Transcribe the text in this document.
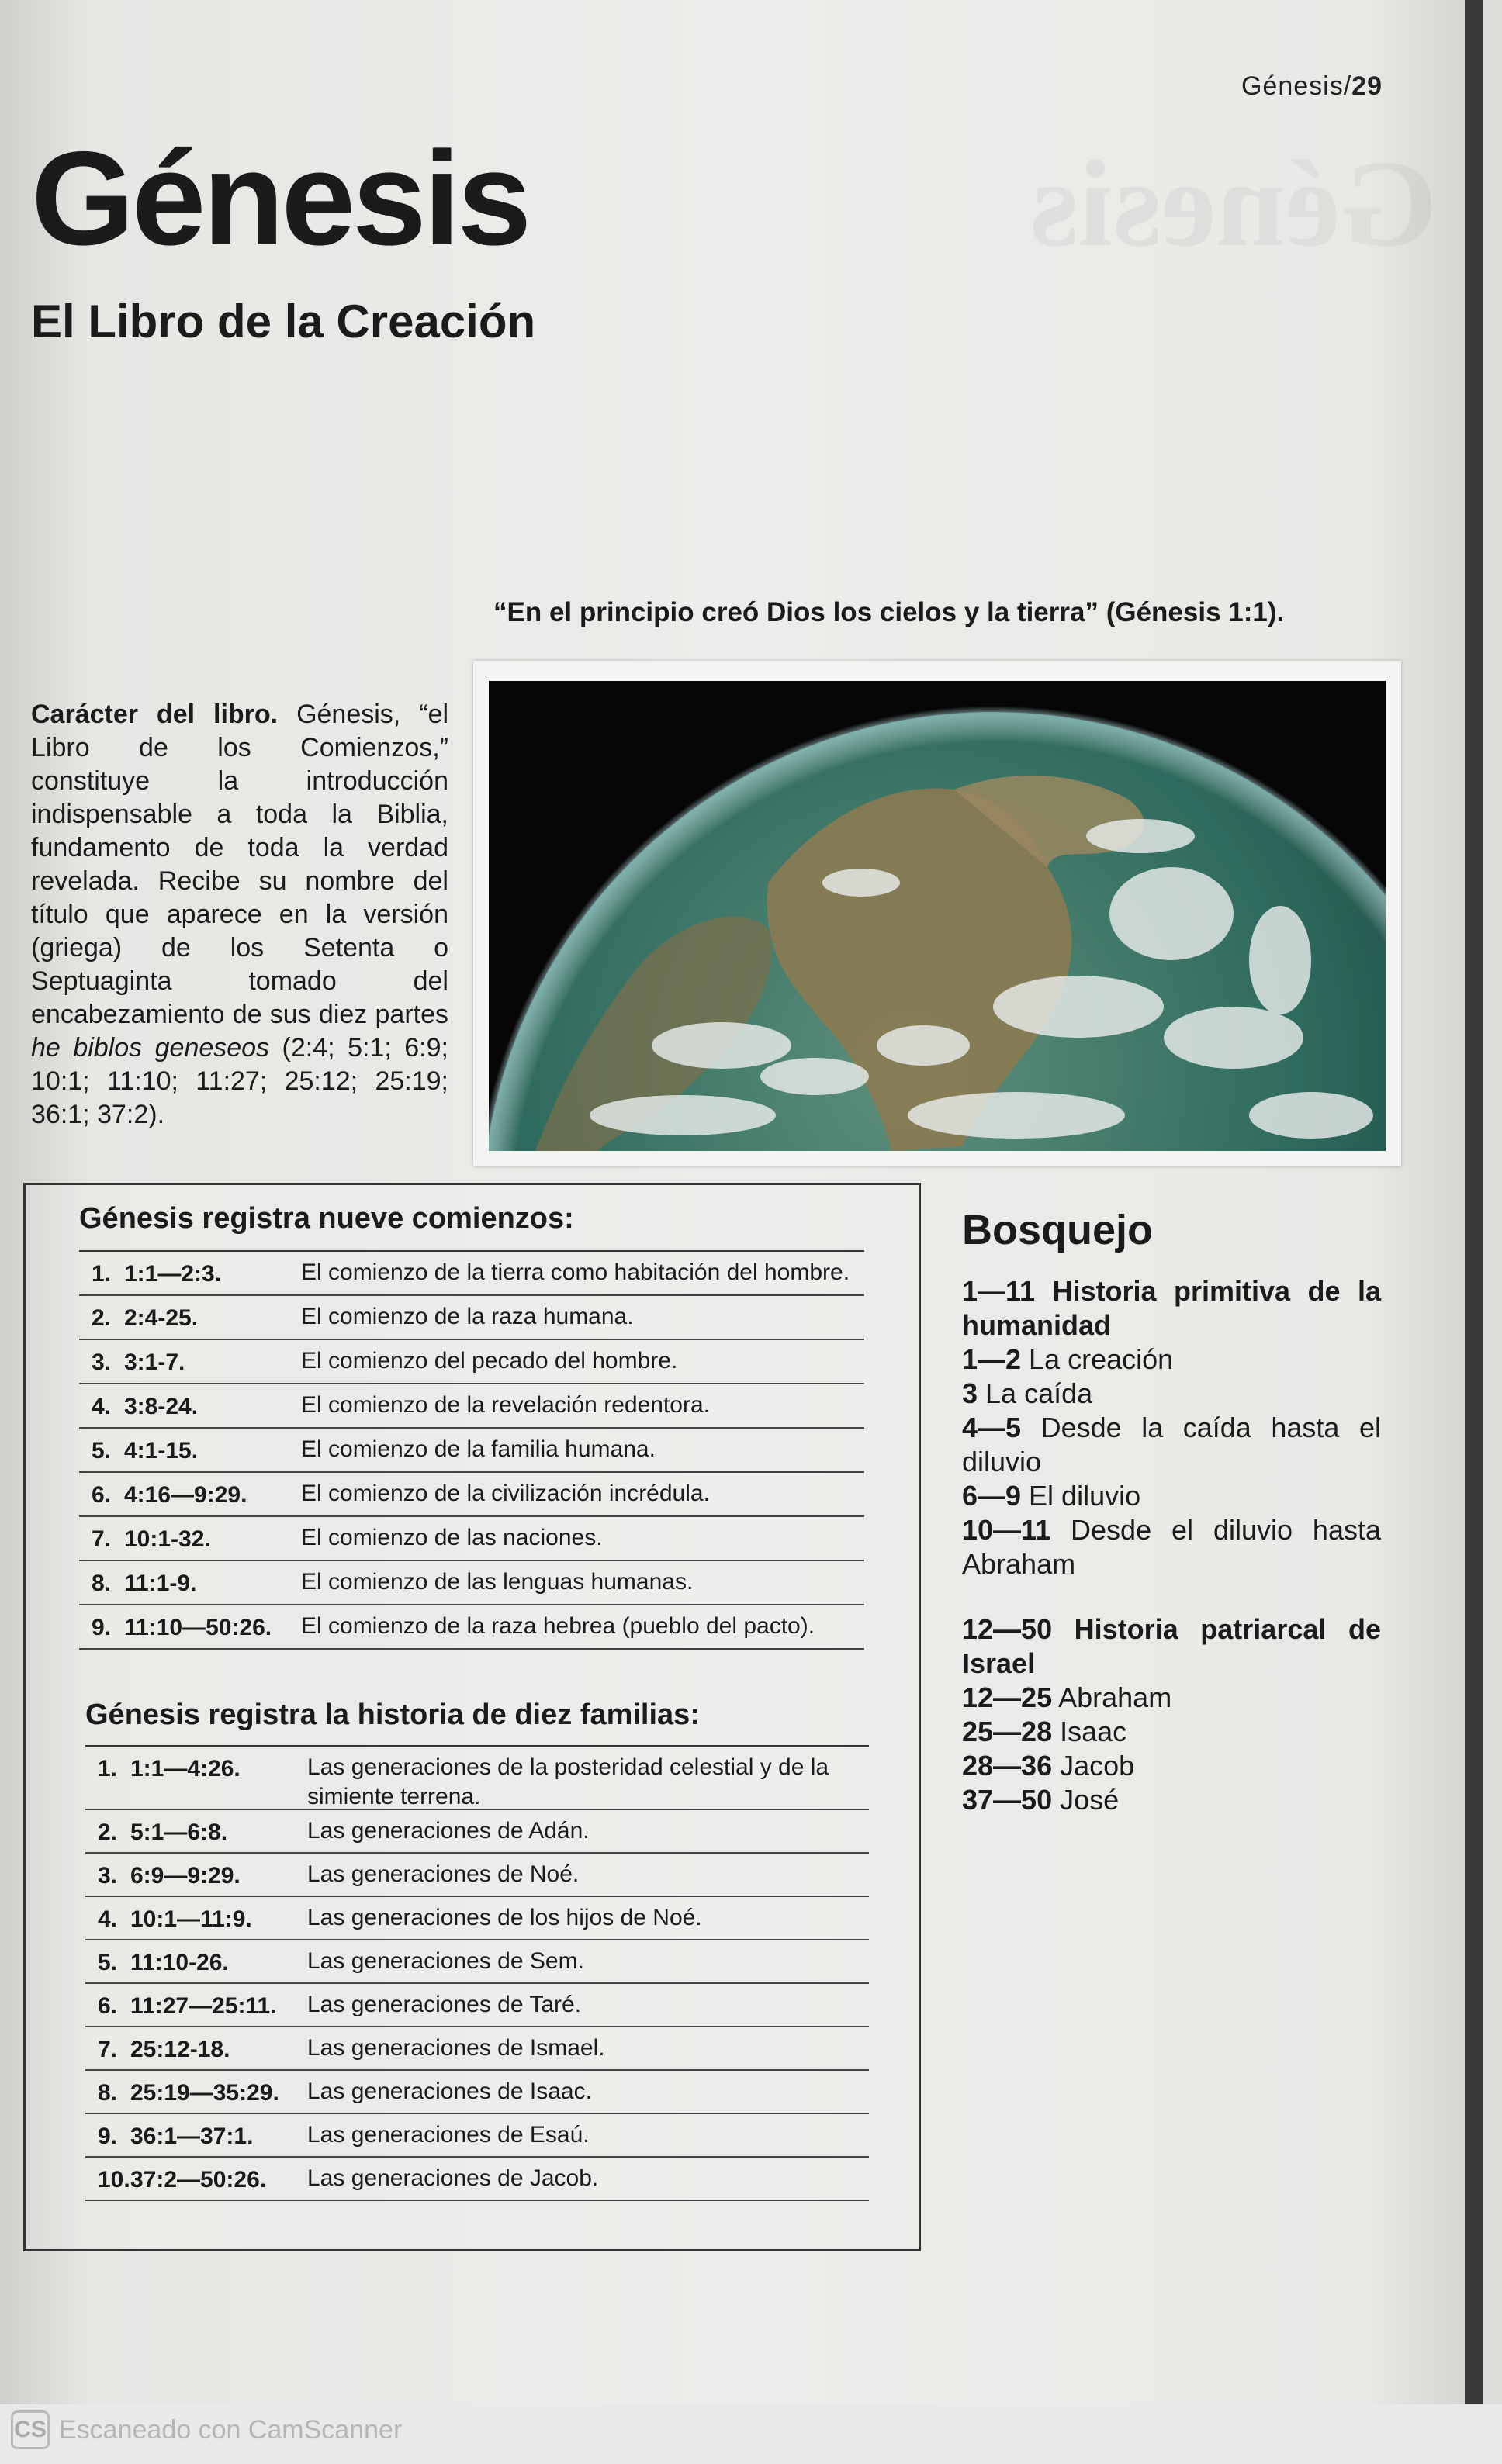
Génesis/29
Génesis
El Libro de la Creación
“En el principio creó Dios los cielos y la tierra” (Génesis 1:1).
Carácter del libro. Génesis, “el Libro de los Comienzos,” constituye la introducción indispensable a toda la Biblia, fundamento de toda la verdad revelada. Recibe su nombre del título que aparece en la versión (griega) de los Setenta o Septuaginta tomado del encabezamiento de sus diez partes he biblos geneseos (2:4; 5:1; 6:9; 10:1; 11:10; 11:27; 25:12; 25:19; 36:1; 37:2).
Génesis registra nueve comienzos:
1. 1:1—2:3.	El comienzo de la tierra como habitación del hombre.
2. 2:4-25.	El comienzo de la raza humana.
3. 3:1-7.	El comienzo del pecado del hombre.
4. 3:8-24.	El comienzo de la revelación redentora.
5. 4:1-15.	El comienzo de la familia humana.
6. 4:16—9:29. El comienzo de la civilización incrédula.
7. 10:1-32.	El comienzo de las naciones.
8. 11:1-9.	El comienzo de las lenguas humanas.
9. 11:10—50:26. El comienzo de la raza hebrea (pueblo del pacto).
Génesis registra la historia de diez familias:
1. 1:1—4:26.	Las generaciones de la posteridad celestial y de la simiente terrena.
2. 5:1—6:8.	Las generaciones de Adán.
3. 6:9—9:29.	Las generaciones de Noé.
4. 10:1—11:9. Las generaciones de los hijos de Noé.
5. 11:10-26.	Las generaciones de Sem.
6. 11:27—25:11. Las generaciones de Taré.
7. 25:12-18.	Las generaciones de Ismael.
8. 25:19—35:29. Las generaciones de Isaac.
9. 36:1—37:1. Las generaciones de Esaú.
10. 37:2—50:26. Las generaciones de Jacob.
Bosquejo
1—11 Historia primitiva de la humanidad
1—2 La creación
3 La caída
4—5 Desde la caída hasta el diluvio
6—9 El diluvio
10—11 Desde el diluvio hasta Abraham
12—50 Historia patriarcal de Israel
12—25 Abraham
25—28 Isaac
28—36 Jacob
37—50 José
CS Escaneado con CamScanner
